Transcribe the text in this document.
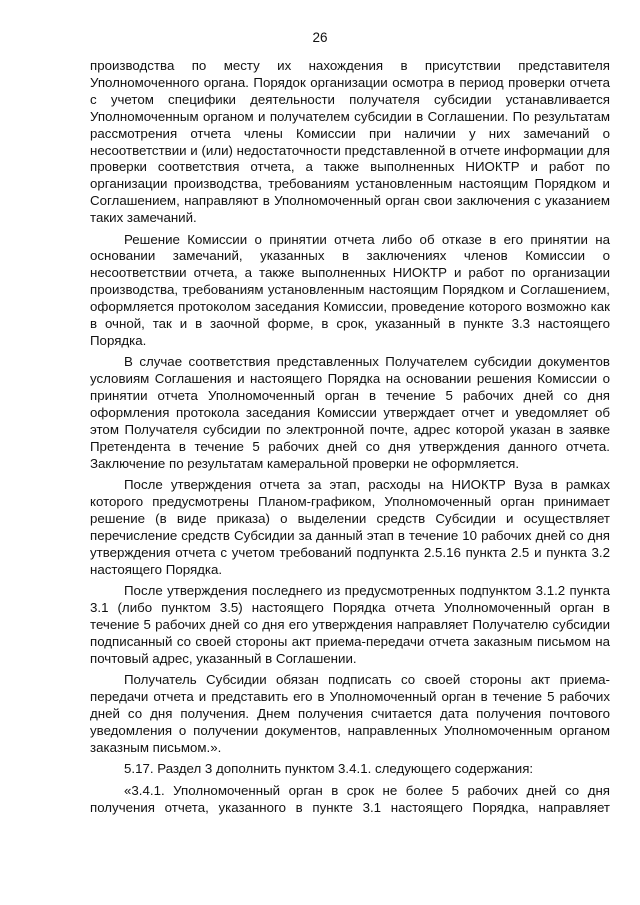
26

производства по месту их нахождения в присутствии представителя Уполномоченного органа. Порядок организации осмотра в период проверки отчета с учетом специфики деятельности получателя субсидии устанавливается Уполномоченным органом и получателем субсидии в Соглашении. По результатам рассмотрения отчета члены Комиссии при наличии у них замечаний о несоответствии и (или) недостаточности представленной в отчете информации для проверки соответствия отчета, а также выполненных НИОКТР и работ по организации производства, требованиям установленным настоящим Порядком и Соглашением, направляют в Уполномоченный орган свои заключения с указанием таких замечаний.

Решение Комиссии о принятии отчета либо об отказе в его принятии на основании замечаний, указанных в заключениях членов Комиссии о несоответствии отчета, а также выполненных НИОКТР и работ по организации производства, требованиям установленным настоящим Порядком и Соглашением, оформляется протоколом заседания Комиссии, проведение которого возможно как в очной, так и в заочной форме, в срок, указанный в пункте 3.3 настоящего Порядка.

В случае соответствия представленных Получателем субсидии документов условиям Соглашения и настоящего Порядка на основании решения Комиссии о принятии отчета Уполномоченный орган в течение 5 рабочих дней со дня оформления протокола заседания Комиссии утверждает отчет и уведомляет об этом Получателя субсидии по электронной почте, адрес которой указан в заявке Претендента в течение 5 рабочих дней со дня утверждения данного отчета. Заключение по результатам камеральной проверки не оформляется.

После утверждения отчета за этап, расходы на НИОКТР Вуза в рамках которого предусмотрены Планом-графиком, Уполномоченный орган принимает решение (в виде приказа) о выделении средств Субсидии и осуществляет перечисление средств Субсидии за данный этап в течение 10 рабочих дней со дня утверждения отчета с учетом требований подпункта 2.5.16 пункта 2.5 и пункта 3.2 настоящего Порядка.

После утверждения последнего из предусмотренных подпунктом 3.1.2 пункта 3.1 (либо пунктом 3.5) настоящего Порядка отчета Уполномоченный орган в течение 5 рабочих дней со дня его утверждения направляет Получателю субсидии подписанный со своей стороны акт приема-передачи отчета заказным письмом на почтовый адрес, указанный в Соглашении.

Получатель Субсидии обязан подписать со своей стороны акт приема-передачи отчета и представить его в Уполномоченный орган в течение 5 рабочих дней со дня получения. Днем получения считается дата получения почтового уведомления о получении документов, направленных Уполномоченным органом заказным письмом.».

5.17. Раздел 3 дополнить пунктом 3.4.1. следующего содержания:

«3.4.1. Уполномоченный орган в срок не более 5 рабочих дней со дня получения отчета, указанного в пункте 3.1 настоящего Порядка, направляет
